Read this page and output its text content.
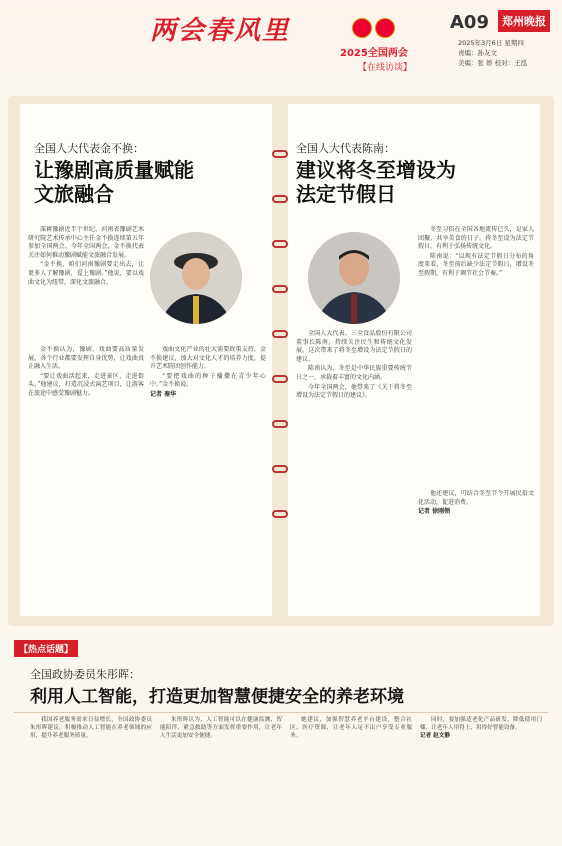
两会春风里
2025全国两会
【在线访谈】
A09	郑州晚报
2025年3月6日 星期四
责编：孙友文
美编：张 娇 校对：王泓
全国人大代表金不换：
让豫剧高质量赋能
文旅融合

深耕豫剧近半个世纪，河南省豫剧艺术研究院艺术传承中心主任金不换连续第五年参加全国两会。今年全国两会，金不换代表关注如何推动豫剧赋能文旅融合发展。

“金不换，咱们河南豫剧要走出去，让更多人了解豫剧，爱上豫剧。”他说，要以戏曲文化为纽带，深化文旅融合。

金不换认为，豫剧、戏曲要高质量发展，各个行业都要发挥自身优势，让戏曲真正融入生活。

“要让戏曲活起来，走进景区、走进街头。”他建议，打造沉浸式演艺项目，让游客在旅途中感受豫剧魅力。

戏曲文化产业的壮大需要政策支持，金不换建议，加大对文化人才的培养力度，提升艺术院团创作能力。

“要把戏曲的种子播撒在青少年心中。”金不换说。

记者 秦华

全国人大代表陈南：
建议将冬至增设为
法定节假日

全国人大代表、三全食品股份有限公司董事长陈南，持续关注民生和传统文化发展，这次带来了将冬至增设为法定节假日的建议。

陈南认为，冬至是中华民族重要传统节日之一，承载着丰富的文化内涵。

今年全国两会，他带来了《关于将冬至增设为法定节假日的建议》。

冬至习俗在全国各地流传已久，是家人团聚、共享美食的日子。将冬至设为法定节假日，有利于弘扬传统文化。

陈南说：“以现有法定节假日分布的角度来看，冬至前后缺少法定节假日，增设冬至假期，有利于调节社会节奏。”

他还建议，可结合冬至节令开展民俗文化活动，促进消费。

记者 徐刚领

【热点话题】
全国政协委员朱彤晖：
利用人工智能，打造更加智慧便捷安全的养老环境

我国养老服务需求日益增长，全国政协委员朱彤晖建议，积极推动人工智能在养老领域的应用，提升养老服务质量。

朱彤晖认为，人工智能可以在健康监测、智能陪伴、紧急救助等方面发挥重要作用，让老年人生活更加安全便捷。

她建议，加强智慧养老平台建设，整合社区、医疗资源，让老年人足不出户享受专业服务。

同时，要加强适老化产品研发，降低使用门槛，让老年人用得上、用得好智能设备。

记者 赵文静
